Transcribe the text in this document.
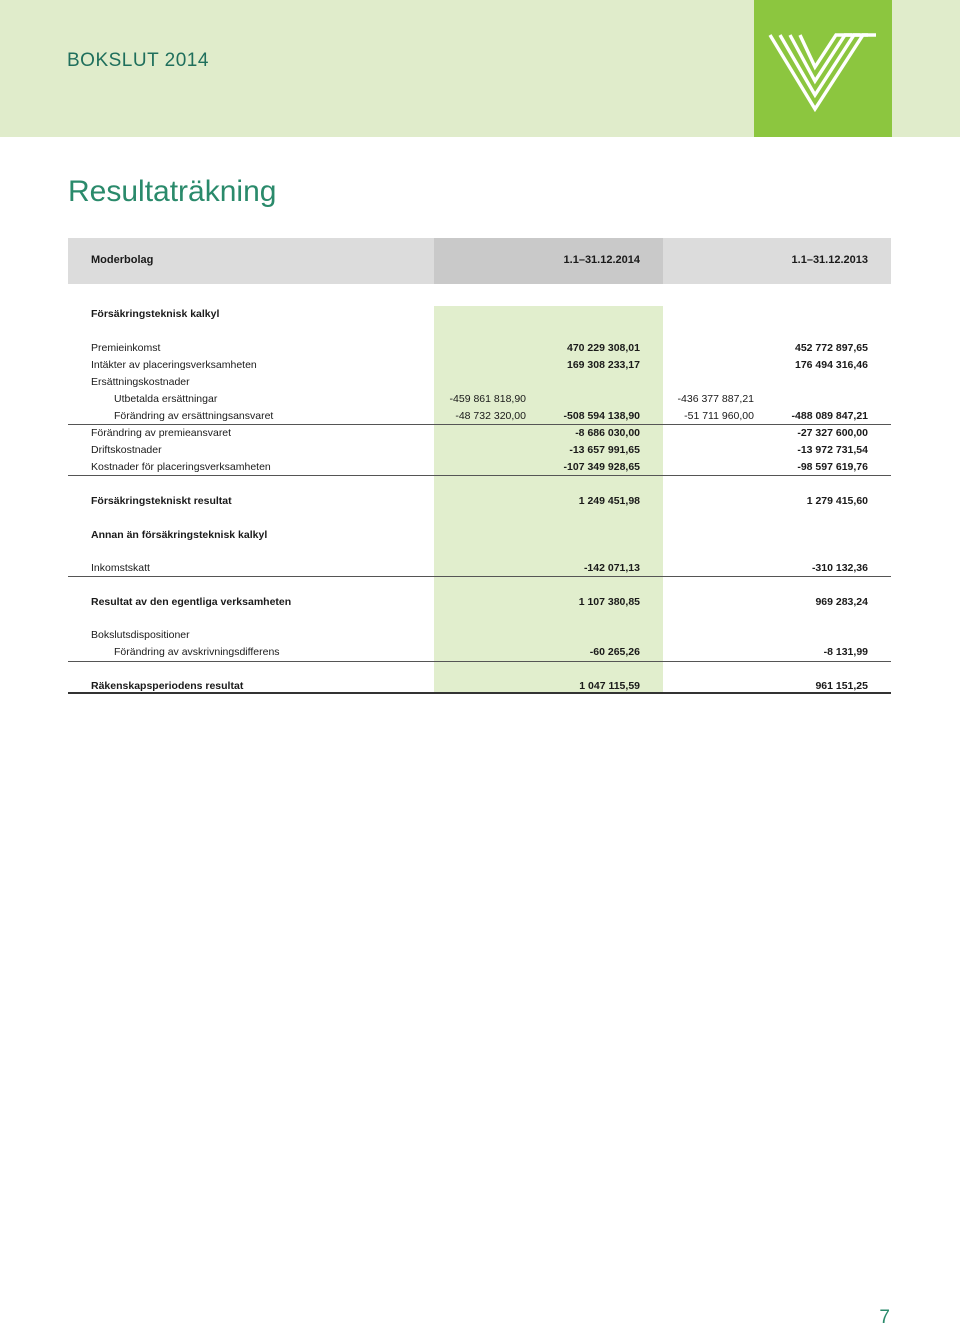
BOKSLUT 2014
Resultaträkning
Moderbolag	1.1–31.12.2014	1.1–31.12.2013
Försäkringsteknisk kalkyl
Premieinkomst	470 229 308,01	452 772 897,65
Intäkter av placeringsverksamheten	169 308 233,17	176 494 316,46
Ersättningskostnader
Utbetalda ersättningar	-459 861 818,90	-436 377 887,21
Förändring av ersättningsansvaret	-48 732 320,00	-508 594 138,90	-51 711 960,00	-488 089 847,21
Förändring av premieansvaret	-8 686 030,00	-27 327 600,00
Driftskostnader	-13 657 991,65	-13 972 731,54
Kostnader för placeringsverksamheten	-107 349 928,65	-98 597 619,76
Försäkringstekniskt resultat	1 249 451,98	1 279 415,60
Annan än försäkringsteknisk kalkyl
Inkomstskatt	-142 071,13	-310 132,36
Resultat av den egentliga verksamheten	1 107 380,85	969 283,24
Bokslutsdispositioner
Förändring av avskrivningsdifferens	-60 265,26	-8 131,99
Räkenskapsperiodens resultat	1 047 115,59	961 151,25
7
